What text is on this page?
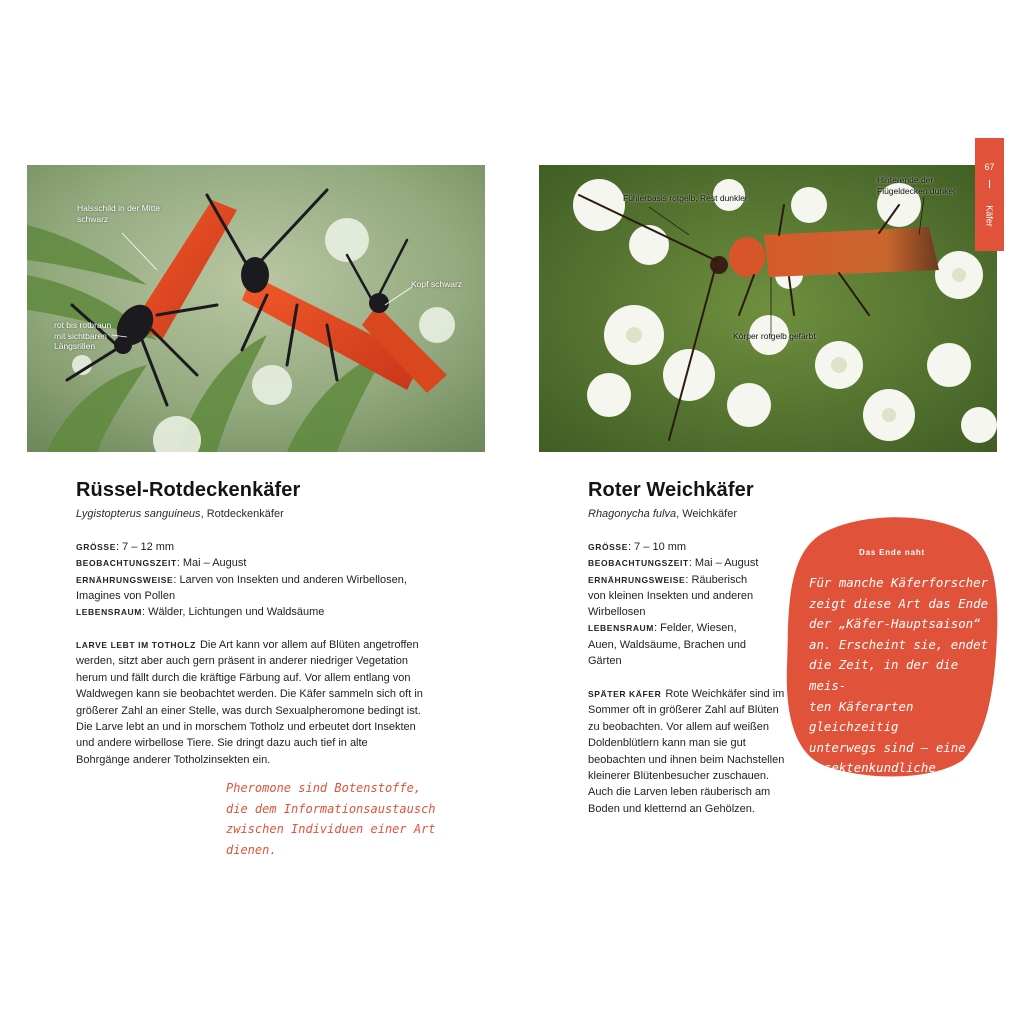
Halsschild in der Mitte schwarz
Kopf schwarz
rot bis rotbraun mit sichtbaren Längsrillen
Fühlerbasis rotgelb, Rest dunkler
Hinterende der Flügeldecken dunkel
Körper rotgelb gefärbt
67
Käfer
Rüssel-Rotdeckenkäfer
Lygistopterus sanguineus, Rotdeckenkäfer
GRÖSSE: 7 – 12 mm
BEOBACHTUNGSZEIT: Mai – August
ERNÄHRUNGSWEISE: Larven von Insekten und anderen Wirbellosen, Imagines von Pollen
LEBENSRAUM: Wälder, Lichtungen und Waldsäume
LARVE LEBT IM TOTHOLZ Die Art kann vor allem auf Blüten angetroffen werden, sitzt aber auch gern präsent in anderer niedriger Vegetation herum und fällt durch die kräftige Färbung auf. Vor allem entlang von Waldwegen kann sie beobachtet werden. Die Käfer sammeln sich oft in größerer Zahl an einer Stelle, was durch Sexualpheromone bedingt ist. Die Larve lebt an und in morschem Totholz und erbeutet dort Insekten und andere wirbellose Tiere. Sie dringt dazu auch tief in alte Bohrgänge anderer Totholzinsekten ein.
Pheromone sind Botenstoffe,
die dem Informationsaustausch
zwischen Individuen einer Art dienen.
Roter Weichkäfer
Rhagonycha fulva, Weichkäfer
GRÖSSE: 7 – 10 mm
BEOBACHTUNGSZEIT: Mai – August
ERNÄHRUNGSWEISE: Räuberisch von kleinen Insekten und anderen Wirbellosen
LEBENSRAUM: Felder, Wiesen, Auen, Waldsäume, Brachen und Gärten
SPÄTER KÄFER Rote Weichkäfer sind im Sommer oft in größerer Zahl auf Blüten zu beobachten. Vor allem auf weißen Doldenblütlern kann man sie gut beobachten und ihnen beim Nachstellen kleinerer Blütenbesucher zuschauen. Auch die Larven leben räuberisch am Boden und kletternd an Gehölzen.
Das Ende naht
Für manche Käferforscher
zeigt diese Art das Ende
der „Käfer-Hauptsaison“
an. Erscheint sie, endet
die Zeit, in der die meis-
ten Käferarten gleichzeitig
unterwegs sind – eine
insektenkundliche Weisheit!
